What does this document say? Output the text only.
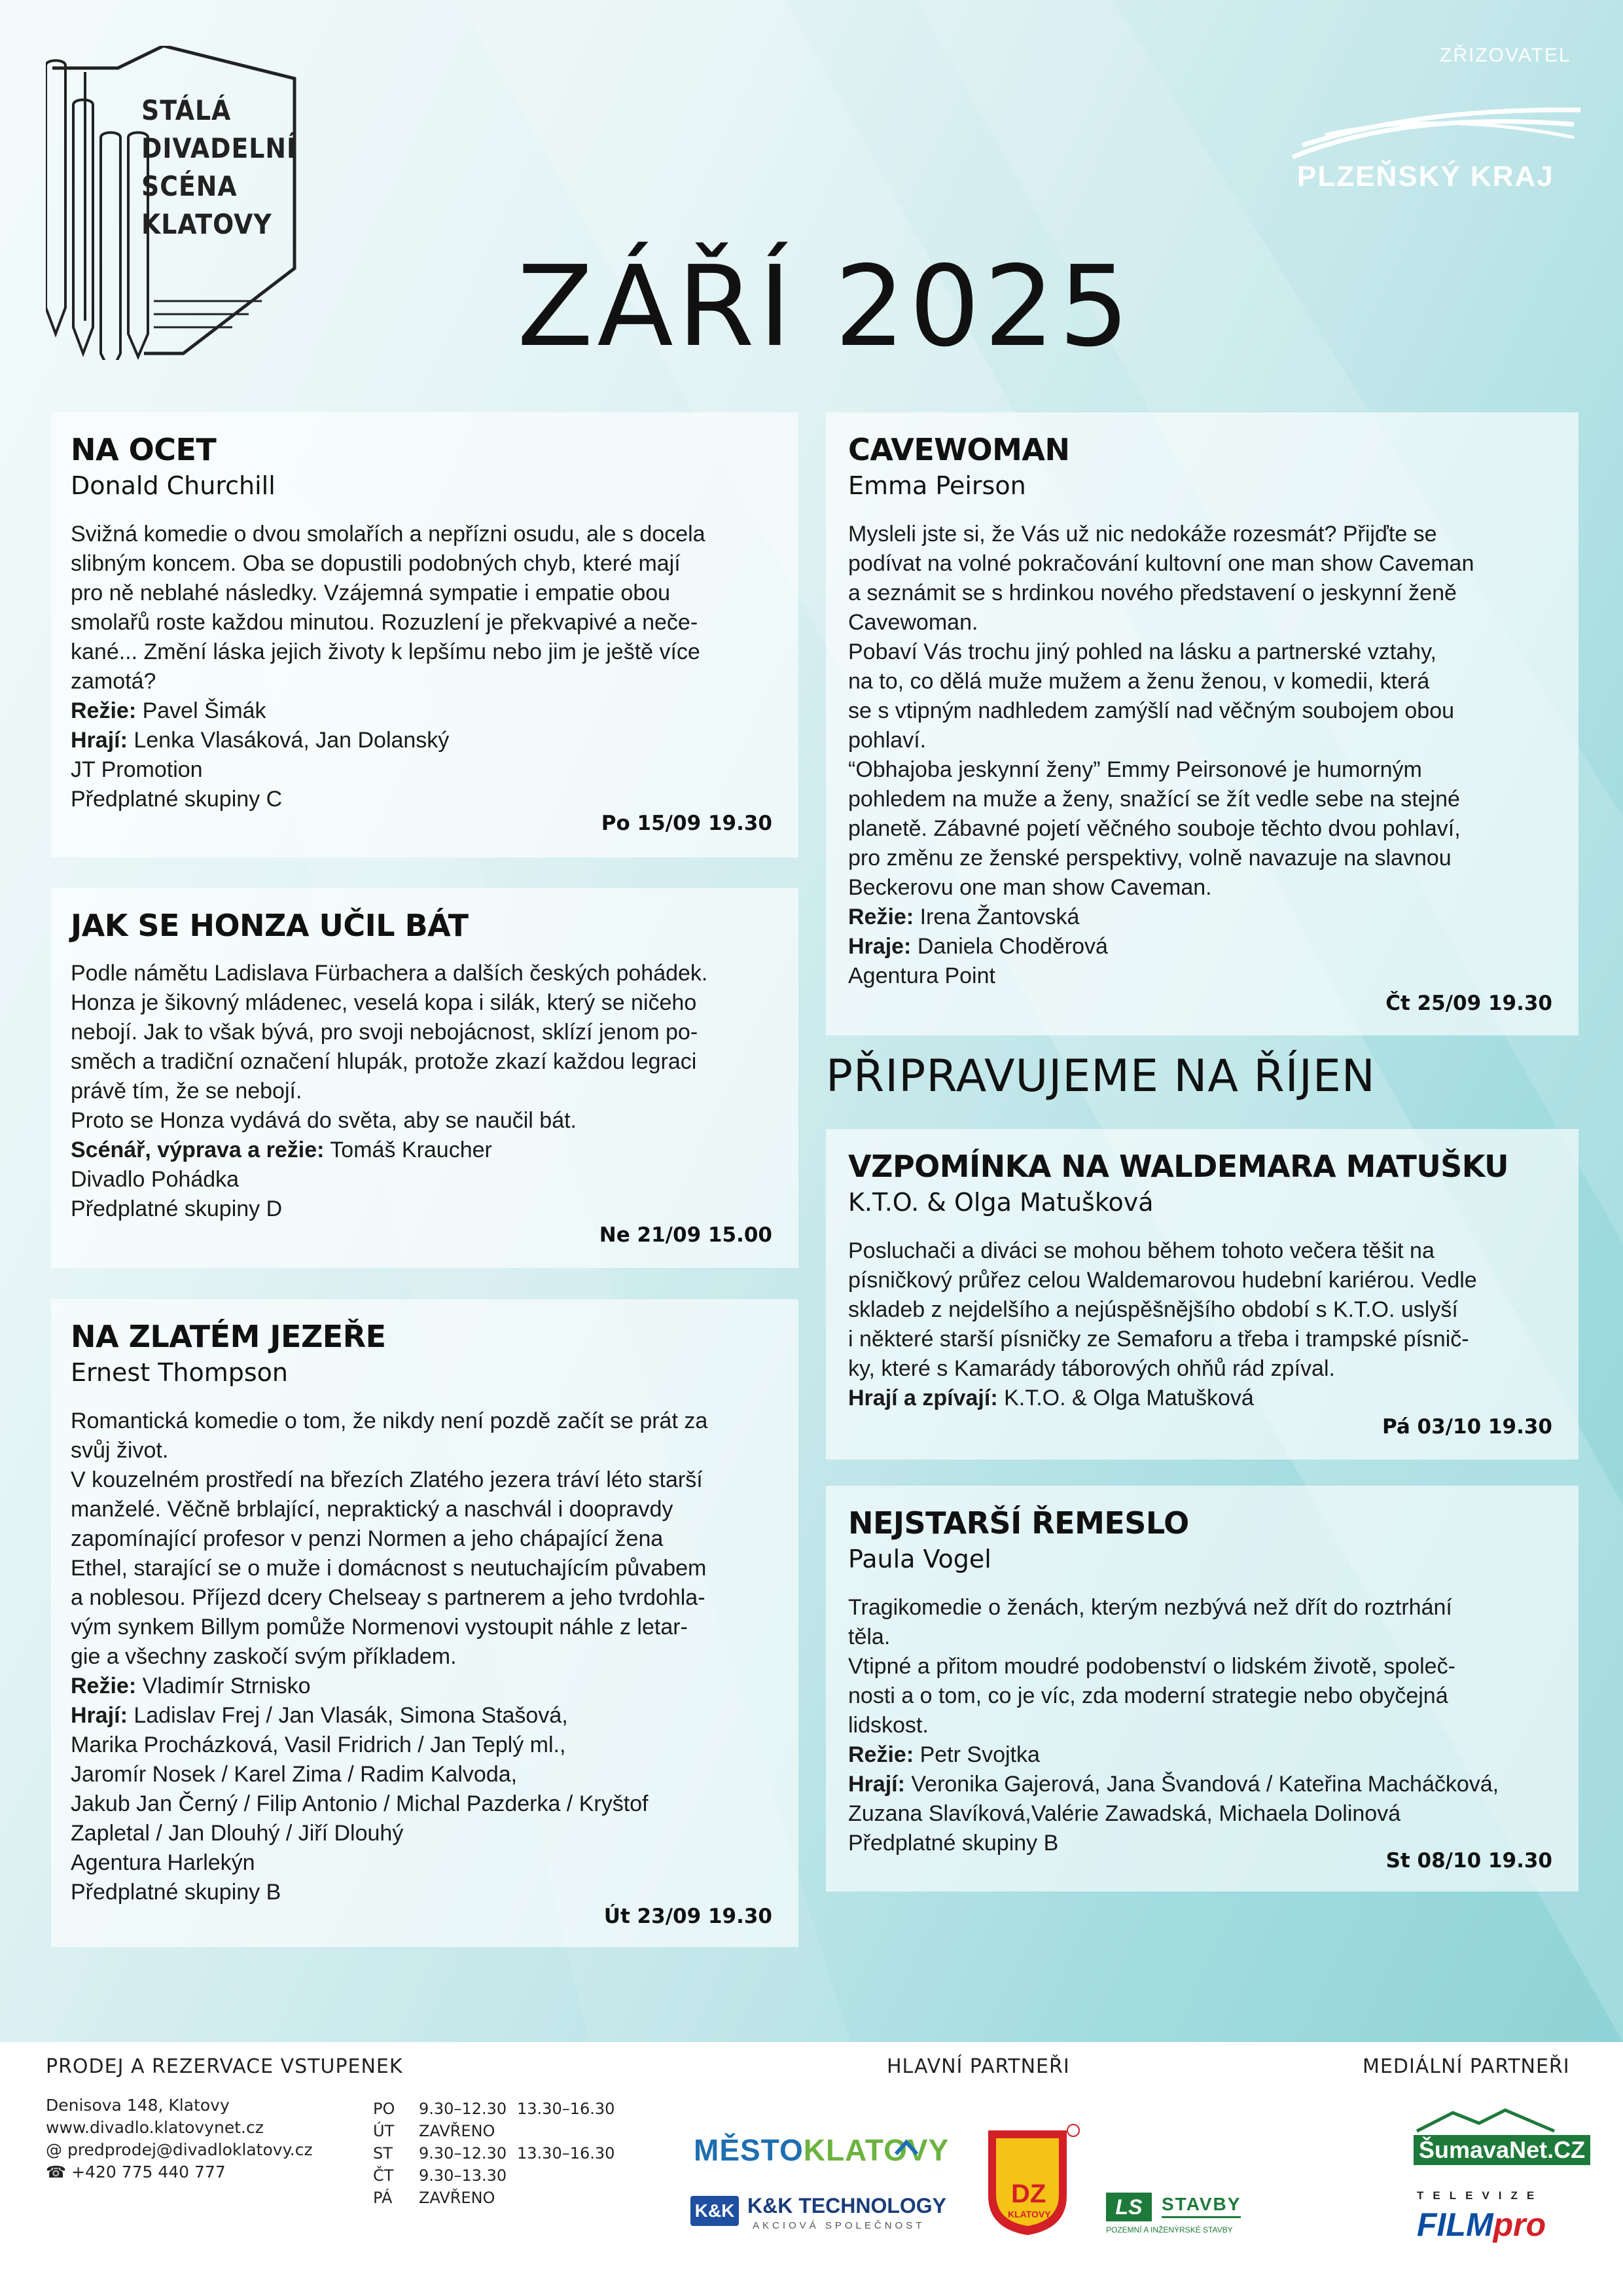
STÁLÁ
DIVADELNÍ
SCÉNA
KLATOVY
ZŘIZOVATEL
PLZEŇSKÝ KRAJ
ZÁŘÍ 2025
NA OCET
Donald Churchill
Svižná komedie o dvou smolařích a nepřízni osudu, ale s docela
slibným koncem. Oba se dopustili podobných chyb, které mají
pro ně neblahé následky. Vzájemná sympatie i empatie obou
smolařů roste každou minutou. Rozuzlení je překvapivé a neče-
kané... Změní láska jejich životy k lepšímu nebo jim je ještě více
zamotá?
Režie: Pavel Šimák
Hrají: Lenka Vlasáková, Jan Dolanský
JT Promotion
Předplatné skupiny C
Po 15/09 19.30
JAK SE HONZA UČIL BÁT
Podle námětu Ladislava Fürbachera a dalších českých pohádek.
Honza je šikovný mládenec, veselá kopa i silák, který se ničeho
nebojí. Jak to však bývá, pro svoji nebojácnost, sklízí jenom po-
směch a tradiční označení hlupák, protože zkazí každou legraci
právě tím, že se nebojí.
Proto se Honza vydává do světa, aby se naučil bát.
Scénář, výprava a režie: Tomáš Kraucher
Divadlo Pohádka
Předplatné skupiny D
Ne 21/09 15.00
NA ZLATÉM JEZEŘE
Ernest Thompson
Romantická komedie o tom, že nikdy není pozdě začít se prát za
svůj život.
V kouzelném prostředí na březích Zlatého jezera tráví léto starší
manželé. Věčně brblající, nepraktický a naschvál i doopravdy
zapomínající profesor v penzi Normen a jeho chápající žena
Ethel, starající se o muže i domácnost s neutuchajícím půvabem
a noblesou. Příjezd dcery Chelseay s partnerem a jeho tvrdohla-
vým synkem Billym pomůže Normenovi vystoupit náhle z letar-
gie a všechny zaskočí svým příkladem.
Režie: Vladimír Strnisko
Hrají: Ladislav Frej / Jan Vlasák, Simona Stašová,
Marika Procházková, Vasil Fridrich / Jan Teplý ml.,
Jaromír Nosek / Karel Zima / Radim Kalvoda,
Jakub Jan Černý / Filip Antonio / Michal Pazderka / Kryštof
Zapletal / Jan Dlouhý / Jiří Dlouhý
Agentura Harlekýn
Předplatné skupiny B
Út 23/09 19.30
CAVEWOMAN
Emma Peirson
Mysleli jste si, že Vás už nic nedokáže rozesmát? Přijďte se
podívat na volné pokračování kultovní one man show Caveman
a seznámit se s hrdinkou nového představení o jeskynní ženě
Cavewoman.
Pobaví Vás trochu jiný pohled na lásku a partnerské vztahy,
na to, co dělá muže mužem a ženu ženou, v komedii, která
se s vtipným nadhledem zamýšlí nad věčným soubojem obou
pohlaví.
“Obhajoba jeskynní ženy” Emmy Peirsonové je humorným
pohledem na muže a ženy, snažící se žít vedle sebe na stejné
planetě. Zábavné pojetí věčného souboje těchto dvou pohlaví,
pro změnu ze ženské perspektivy, volně navazuje na slavnou
Beckerovu one man show Caveman.
Režie: Irena Žantovská
Hraje: Daniela Choděrová
Agentura Point
Čt 25/09 19.30
PŘIPRAVUJEME NA ŘÍJEN
VZPOMÍNKA NA WALDEMARA MATUŠKU
K.T.O. & Olga Matušková
Posluchači a diváci se mohou během tohoto večera těšit na
písničkový průřez celou Waldemarovou hudební kariérou. Vedle
skladeb z nejdelšího a nejúspěšnějšího období s K.T.O. uslyší
i některé starší písničky ze Semaforu a třeba i trampské písnič-
ky, které s Kamarády táborových ohňů rád zpíval.
Hrají a zpívají: K.T.O. & Olga Matušková
Pá 03/10 19.30
NEJSTARŠÍ ŘEMESLO
Paula Vogel
Tragikomedie o ženách, kterým nezbývá než dřít do roztrhání
těla.
Vtipné a přitom moudré podobenství o lidském životě, společ-
nosti a o tom, co je víc, zda moderní strategie nebo obyčejná
lidskost.
Režie: Petr Svojtka
Hrají: Veronika Gajerová, Jana Švandová / Kateřina Macháčková,
Zuzana Slavíková,Valérie Zawadská, Michaela Dolinová
Předplatné skupiny B
St 08/10 19.30
PRODEJ A REZERVACE VSTUPENEK
Denisova 148, Klatovy
www.divadlo.klatovynet.cz
@ predprodej@divadloklatovy.cz
☎ +420 775 440 777
PO	9.30–12.30 13.30–16.30
ÚT	ZAVŘENO
ST	9.30–12.30 13.30–16.30
ČT	9.30–13.30
PÁ	ZAVŘENO
HLAVNÍ PARTNEŘI	MEDIÁLNÍ PARTNEŘI
MĚSTOKLATOVY
K&K K&K TECHNOLOGY
AKCIOVÁ SPOLEČNOST
DZ
KLATOVY	LS	STAVBY
POZEMNÍ A INŽENÝRSKÉ STAVBY
ŠumavaNet.CZ
TELEVIZE
FILMpro
